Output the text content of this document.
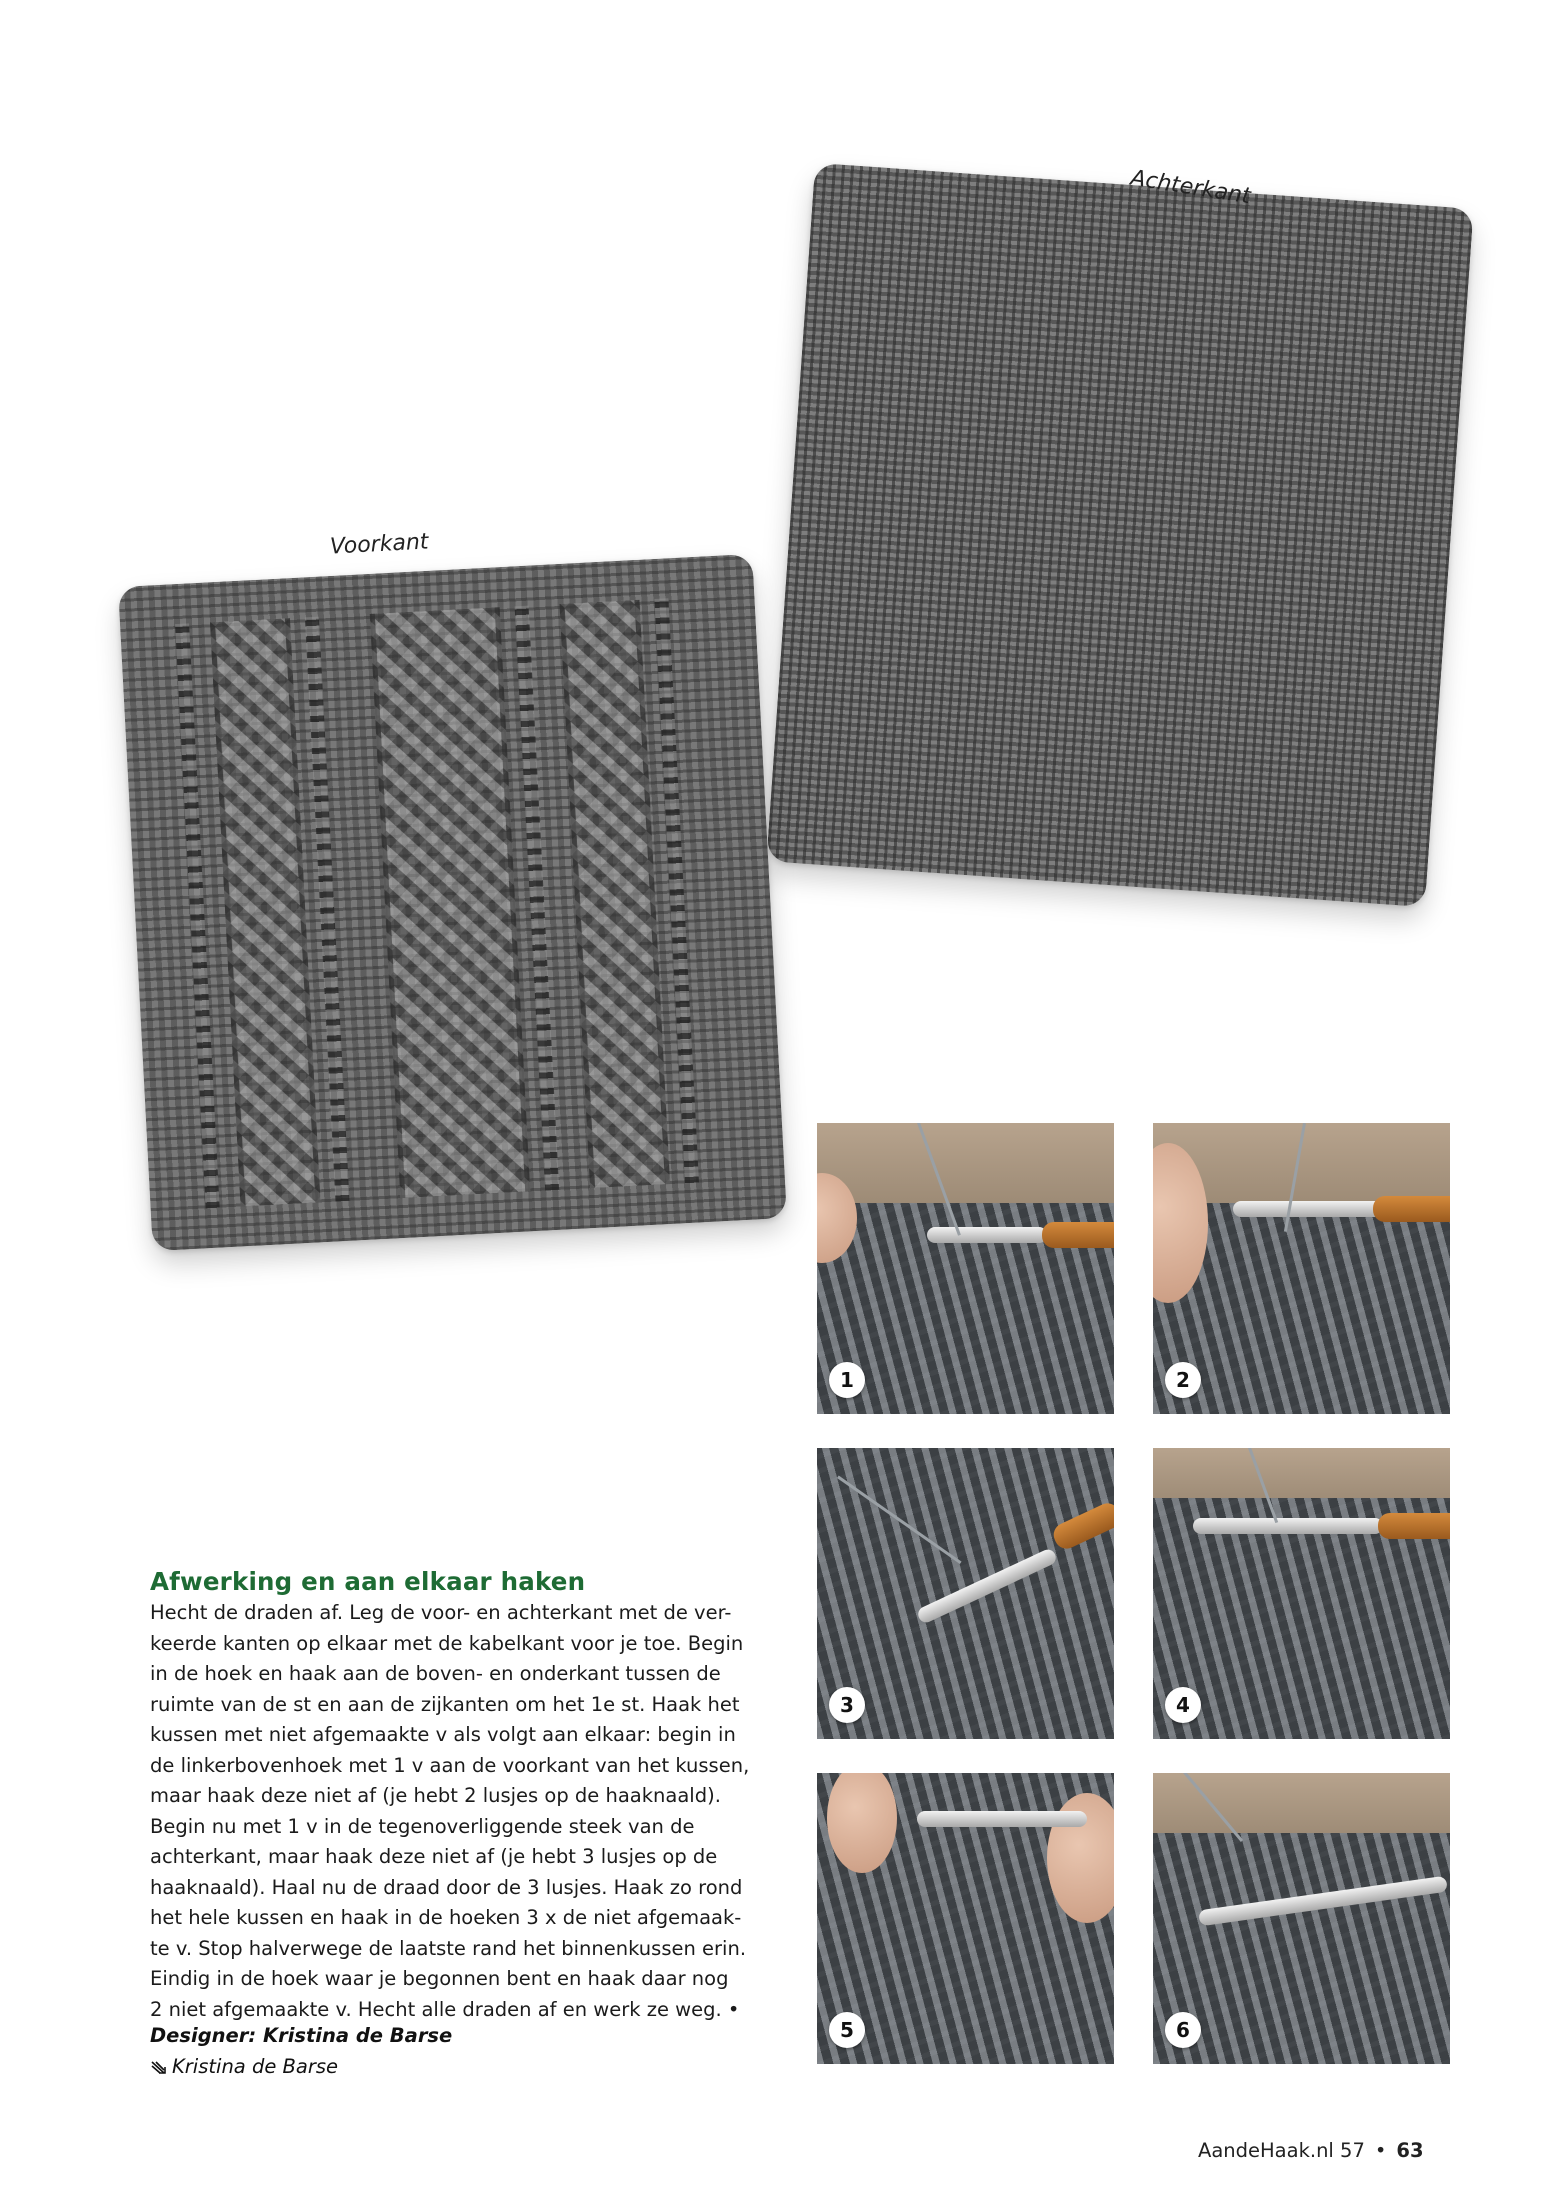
Achterkant
Voorkant
1	2
3	4
5	6
Afwerking en aan elkaar haken
Hecht de draden af. Leg de voor- en achterkant met de ver-
keerde kanten op elkaar met de kabelkant voor je toe. Begin
in de hoek en haak aan de boven- en onderkant tussen de
ruimte van de st en aan de zijkanten om het 1e st. Haak het
kussen met niet afgemaakte v als volgt aan elkaar: begin in
de linkerbovenhoek met 1 v aan de voorkant van het kussen,
maar haak deze niet af (je hebt 2 lusjes op de haaknaald).
Begin nu met 1 v in de tegenoverliggende steek van de
achterkant, maar haak deze niet af (je hebt 3 lusjes op de
haaknaald). Haal nu de draad door de 3 lusjes. Haak zo rond
het hele kussen en haak in de hoeken 3 x de niet afgemaak-
te v. Stop halverwege de laatste rand het binnenkussen erin.
Eindig in de hoek waar je begonnen bent en haak daar nog
2 niet afgemaakte v. Hecht alle draden af en werk ze weg. •
Designer: Kristina de Barse
Kristina de Barse
AandeHaak.nl 57 • 63
